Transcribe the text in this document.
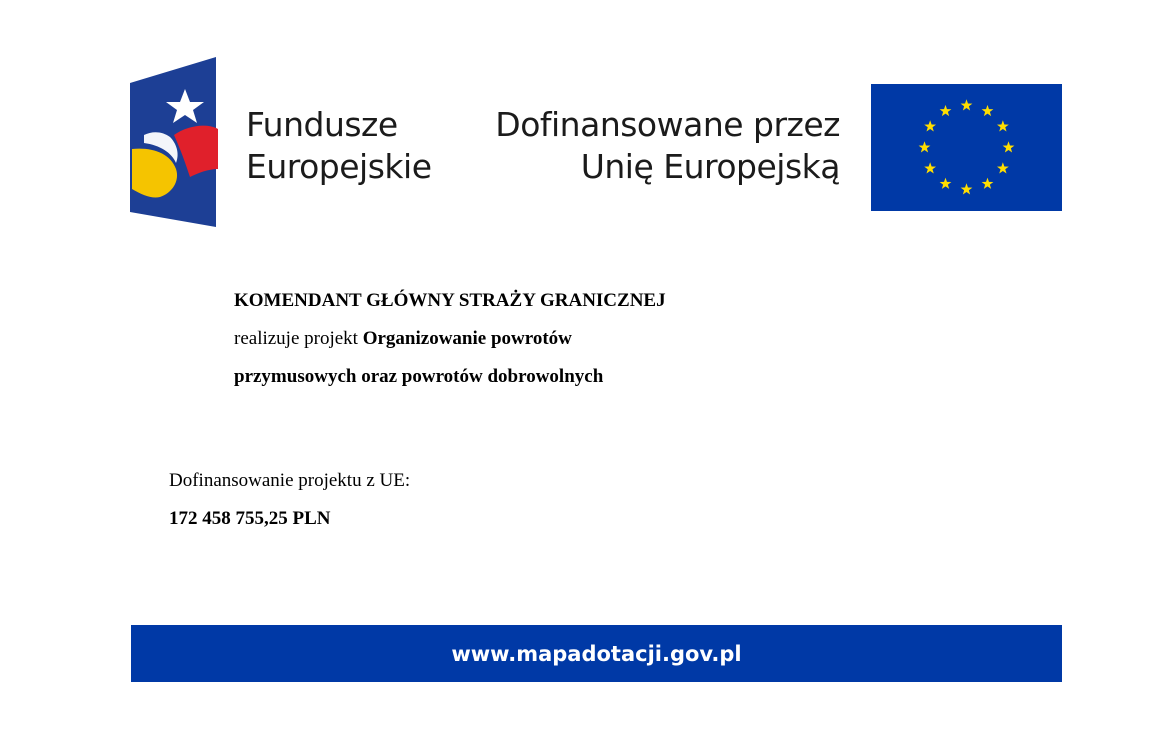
Fundusze
Europejskie
Dofinansowane przez
Unię Europejską
KOMENDANT GŁÓWNY STRAŻY GRANICZNEJ
realizuje projekt Organizowanie powrotów
przymusowych oraz powrotów dobrowolnych
Dofinansowanie projektu z UE:
172 458 755,25 PLN
www.mapadotacji.gov.pl
